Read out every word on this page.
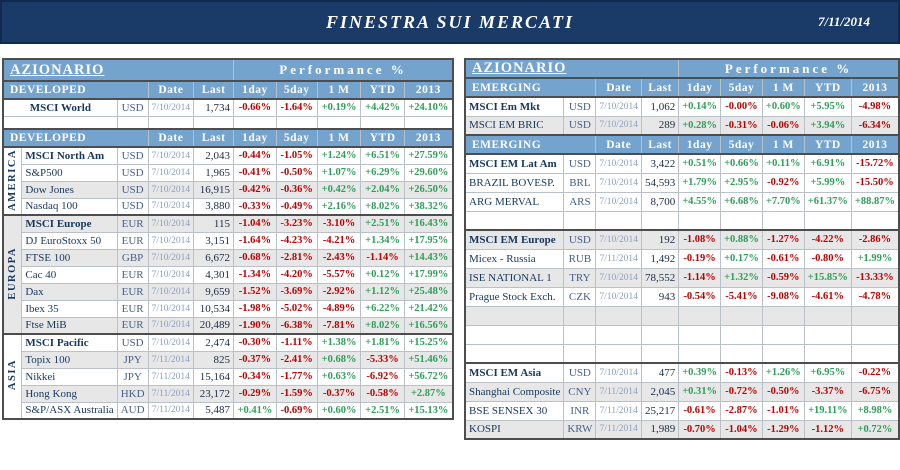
FINESTRA SUI MERCATI	7/11/2014
AZIONARIO					Performance %				
DEVELOPED			Date	Last	1day	5day	1 M	YTD	2013
MSCI World		USD	7/10/2014	1,734	-0.66%	-1.64%	+0.19%	+4.42%	+24.10%

DEVELOPED			Date	Last	1day	5day	1 M	YTD	2013
AMERICA	MSCI North Am	USD	7/10/2014	2,043	-0.44%	-1.05%	+1.24%	+6.51%	+27.59%
	S&P500	USD	7/10/2014	1,965	-0.41%	-0.50%	+1.07%	+6.29%	+29.60%
	Dow Jones	USD	7/10/2014	16,915	-0.42%	-0.36%	+0.42%	+2.04%	+26.50%
	Nasdaq 100	USD	7/10/2014	3,880	-0.33%	-0.49%	+2.16%	+8.02%	+38.32%
EUROPA	MSCI Europe	EUR	7/10/2014	115	-1.04%	-3.23%	-3.10%	+2.51%	+16.43%
	DJ EuroStoxx 50	EUR	7/10/2014	3,151	-1.64%	-4.23%	-4.21%	+1.34%	+17.95%
	FTSE 100	GBP	7/10/2014	6,672	-0.68%	-2.81%	-2.43%	-1.14%	+14.43%
	Cac 40	EUR	7/10/2014	4,301	-1.34%	-4.20%	-5.57%	+0.12%	+17.99%
	Dax	EUR	7/10/2014	9,659	-1.52%	-3.69%	-2.92%	+1.12%	+25.48%
	Ibex 35	EUR	7/10/2014	10,534	-1.98%	-5.02%	-4.89%	+6.22%	+21.42%
	Ftse MiB	EUR	7/10/2014	20,489	-1.90%	-6.38%	-7.81%	+8.02%	+16.56%
ASIA	MSCI Pacific	USD	7/10/2014	2,474	-0.30%	-1.11%	+1.38%	+1.81%	+15.25%
	Topix 100	JPY	7/11/2014	825	-0.37%	-2.41%	+0.68%	-5.33%	+51.46%
	Nikkei	JPY	7/11/2014	15,164	-0.34%	-1.77%	+0.63%	-6.92%	+56.72%
	Hong Kong	HKD	7/11/2014	23,172	-0.29%	-1.59%	-0.37%	-0.58%	+2.87%
	S&P/ASX Australia	AUD	7/11/2014	5,487	+0.41%	-0.69%	+0.60%	+2.51%	+15.13%
AZIONARIO				Performance %				
EMERGING		Date	Last	1day	5day	1 M	YTD	2013
MSCI Em Mkt	USD	7/10/2014	1,062	+0.14%	-0.00%	+0.60%	+5.95%	-4.98%
MSCI EM BRIC	USD	7/10/2014	289	+0.28%	-0.31%	-0.06%	+3.94%	-6.34%
EMERGING		Date	Last	1day	5day	1 M	YTD	2013
MSCI EM Lat Am	USD	7/10/2014	3,422	+0.51%	+0.66%	+0.11%	+6.91%	-15.72%
BRAZIL BOVESP.	BRL	7/10/2014	54,593	+1.79%	+2.95%	-0.92%	+5.99%	-15.50%
ARG MERVAL	ARS	7/10/2014	8,700	+4.55%	+6.68%	+7.70%	+61.37%	+88.87%

MSCI EM Europe	USD	7/10/2014	192	-1.08%	+0.88%	-1.27%	-4.22%	-2.86%
Micex - Russia	RUB	7/11/2014	1,492	-0.19%	+0.17%	-0.61%	-0.80%	+1.99%
ISE NATIONAL 1	TRY	7/10/2014	78,552	-1.14%	+1.32%	-0.59%	+15.85%	-13.33%
Prague Stock Exch.	CZK	7/10/2014	943	-0.54%	-5.41%	-9.08%	-4.61%	-4.78%

MSCI EM Asia	USD	7/10/2014	477	+0.39%	-0.13%	+1.26%	+6.95%	-0.22%
Shanghai Composite	CNY	7/11/2014	2,045	+0.31%	-0.72%	-0.50%	-3.37%	-6.75%
BSE SENSEX 30	INR	7/11/2014	25,217	-0.61%	-2.87%	-1.01%	+19.11%	+8.98%
KOSPI	KRW	7/11/2014	1,989	-0.70%	-1.04%	-1.29%	-1.12%	+0.72%
